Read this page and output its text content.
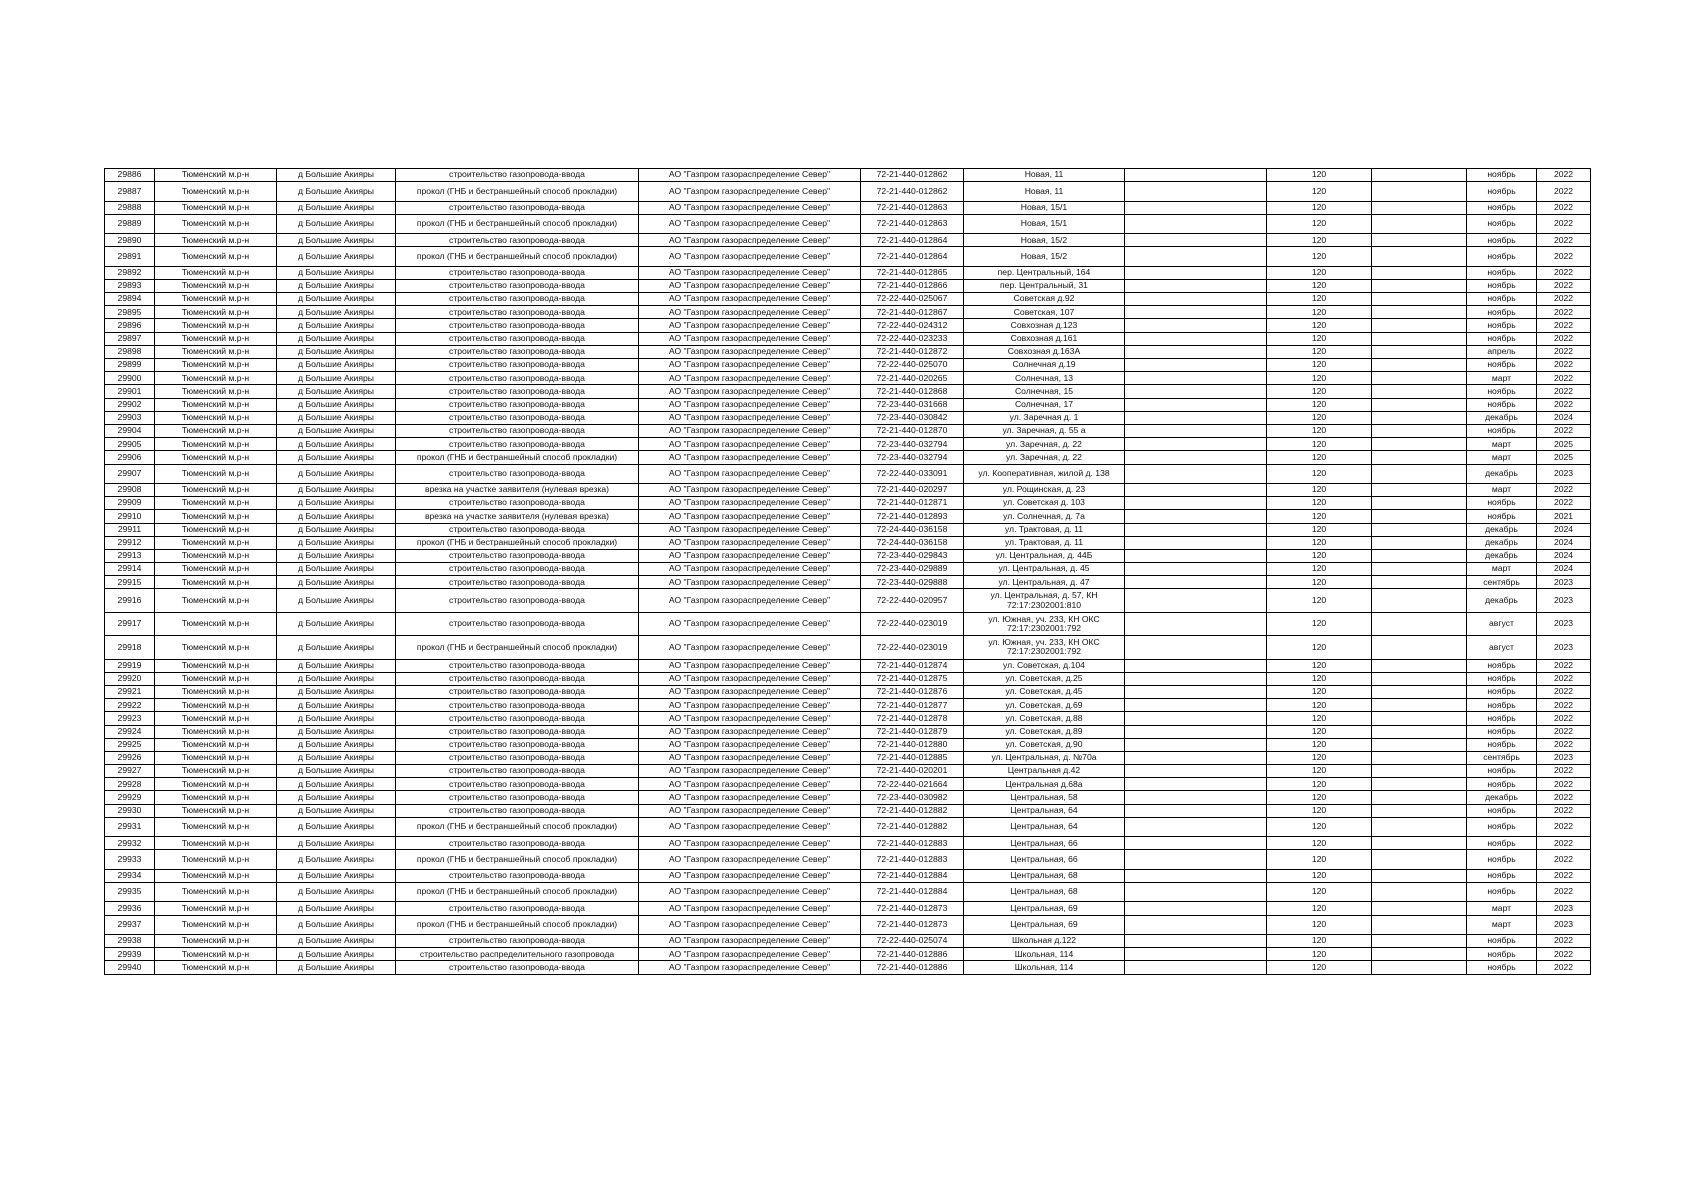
29886	Тюменский м.р-н	д Большие Акияры	строительство газопровода-ввода	АО "Газпром газораспределение Север"	72-21-440-012862	Новая, 11		120		ноябрь	2022
29887	Тюменский м.р-н	д Большие Акияры	прокол (ГНБ и бестраншейный способ прокладки)	АО "Газпром газораспределение Север"	72-21-440-012862	Новая, 11		120		ноябрь	2022
29888	Тюменский м.р-н	д Большие Акияры	строительство газопровода-ввода	АО "Газпром газораспределение Север"	72-21-440-012863	Новая, 15/1		120		ноябрь	2022
29889	Тюменский м.р-н	д Большие Акияры	прокол (ГНБ и бестраншейный способ прокладки)	АО "Газпром газораспределение Север"	72-21-440-012863	Новая, 15/1		120		ноябрь	2022
29890	Тюменский м.р-н	д Большие Акияры	строительство газопровода-ввода	АО "Газпром газораспределение Север"	72-21-440-012864	Новая, 15/2		120		ноябрь	2022
29891	Тюменский м.р-н	д Большие Акияры	прокол (ГНБ и бестраншейный способ прокладки)	АО "Газпром газораспределение Север"	72-21-440-012864	Новая, 15/2		120		ноябрь	2022
29892	Тюменский м.р-н	д Большие Акияры	строительство газопровода-ввода	АО "Газпром газораспределение Север"	72-21-440-012865	пер. Центральный, 164		120		ноябрь	2022
29893	Тюменский м.р-н	д Большие Акияры	строительство газопровода-ввода	АО "Газпром газораспределение Север"	72-21-440-012866	пер. Центральный, 31		120		ноябрь	2022
29894	Тюменский м.р-н	д Большие Акияры	строительство газопровода-ввода	АО "Газпром газораспределение Север"	72-22-440-025067	Советская д.92		120		ноябрь	2022
29895	Тюменский м.р-н	д Большие Акияры	строительство газопровода-ввода	АО "Газпром газораспределение Север"	72-21-440-012867	Советская, 107		120		ноябрь	2022
29896	Тюменский м.р-н	д Большие Акияры	строительство газопровода-ввода	АО "Газпром газораспределение Север"	72-22-440-024312	Совхозная д.123		120		ноябрь	2022
29897	Тюменский м.р-н	д Большие Акияры	строительство газопровода-ввода	АО "Газпром газораспределение Север"	72-22-440-023233	Совхозная д.161		120		ноябрь	2022
29898	Тюменский м.р-н	д Большие Акияры	строительство газопровода-ввода	АО "Газпром газораспределение Север"	72-21-440-012872	Совхозная д.163А		120		апрель	2022
29899	Тюменский м.р-н	д Большие Акияры	строительство газопровода-ввода	АО "Газпром газораспределение Север"	72-22-440-025070	Солнечная д.19		120		ноябрь	2022
29900	Тюменский м.р-н	д Большие Акияры	строительство газопровода-ввода	АО "Газпром газораспределение Север"	72-21-440-020265	Солнечная, 13		120		март	2022
29901	Тюменский м.р-н	д Большие Акияры	строительство газопровода-ввода	АО "Газпром газораспределение Север"	72-21-440-012868	Солнечная, 15		120		ноябрь	2022
29902	Тюменский м.р-н	д Большие Акияры	строительство газопровода-ввода	АО "Газпром газораспределение Север"	72-23-440-031668	Солнечная, 17		120		ноябрь	2022
29903	Тюменский м.р-н	д Большие Акияры	строительство газопровода-ввода	АО "Газпром газораспределение Север"	72-23-440-030842	ул. Заречная д. 1		120		декабрь	2024
29904	Тюменский м.р-н	д Большие Акияры	строительство газопровода-ввода	АО "Газпром газораспределение Север"	72-21-440-012870	ул. Заречная, д. 55 а		120		ноябрь	2022
29905	Тюменский м.р-н	д Большие Акияры	строительство газопровода-ввода	АО "Газпром газораспределение Север"	72-23-440-032794	ул. Заречная, д. 22		120		март	2025
29906	Тюменский м.р-н	д Большие Акияры	прокол (ГНБ и бестраншейный способ прокладки)	АО "Газпром газораспределение Север"	72-23-440-032794	ул. Заречная, д. 22		120		март	2025
29907	Тюменский м.р-н	д Большие Акияры	строительство газопровода-ввода	АО "Газпром газораспределение Север"	72-22-440-033091	ул. Кооперативная, жилой д. 138		120		декабрь	2023
29908	Тюменский м.р-н	д Большие Акияры	врезка на участке заявителя (нулевая врезка)	АО "Газпром газораспределение Север"	72-21-440-020297	ул. Рощинская, д. 23		120		март	2022
29909	Тюменский м.р-н	д Большие Акияры	строительство газопровода-ввода	АО "Газпром газораспределение Север"	72-21-440-012871	ул. Советская д. 103		120		ноябрь	2022
29910	Тюменский м.р-н	д Большие Акияры	врезка на участке заявителя (нулевая врезка)	АО "Газпром газораспределение Север"	72-21-440-012893	ул. Солнечная, д. 7а		120		ноябрь	2021
29911	Тюменский м.р-н	д Большие Акияры	строительство газопровода-ввода	АО "Газпром газораспределение Север"	72-24-440-036158	ул. Трактовая, д. 11		120		декабрь	2024
29912	Тюменский м.р-н	д Большие Акияры	прокол (ГНБ и бестраншейный способ прокладки)	АО "Газпром газораспределение Север"	72-24-440-036158	ул. Трактовая, д. 11		120		декабрь	2024
29913	Тюменский м.р-н	д Большие Акияры	строительство газопровода-ввода	АО "Газпром газораспределение Север"	72-23-440-029843	ул. Центральная, д. 44Б		120		декабрь	2024
29914	Тюменский м.р-н	д Большие Акияры	строительство газопровода-ввода	АО "Газпром газораспределение Север"	72-23-440-029889	ул. Центральная, д. 45		120		март	2024
29915	Тюменский м.р-н	д Большие Акияры	строительство газопровода-ввода	АО "Газпром газораспределение Север"	72-23-440-029888	ул. Центральная, д. 47		120		сентябрь	2023
29916	Тюменский м.р-н	д Большие Акияры	строительство газопровода-ввода	АО "Газпром газораспределение Север"	72-22-440-020957	ул. Центральная, д. 57, КН 72:17:2302001:810		120		декабрь	2023
29917	Тюменский м.р-н	д Большие Акияры	строительство газопровода-ввода	АО "Газпром газораспределение Север"	72-22-440-023019	ул. Южная, уч. 233, КН ОКС 72:17:2302001:792		120		август	2023
29918	Тюменский м.р-н	д Большие Акияры	прокол (ГНБ и бестраншейный способ прокладки)	АО "Газпром газораспределение Север"	72-22-440-023019	ул. Южная, уч. 233, КН ОКС 72:17:2302001:792		120		август	2023
29919	Тюменский м.р-н	д Большие Акияры	строительство газопровода-ввода	АО "Газпром газораспределение Север"	72-21-440-012874	ул. Советская, д.104		120		ноябрь	2022
29920	Тюменский м.р-н	д Большие Акияры	строительство газопровода-ввода	АО "Газпром газораспределение Север"	72-21-440-012875	ул. Советская, д.25		120		ноябрь	2022
29921	Тюменский м.р-н	д Большие Акияры	строительство газопровода-ввода	АО "Газпром газораспределение Север"	72-21-440-012876	ул. Советская, д.45		120		ноябрь	2022
29922	Тюменский м.р-н	д Большие Акияры	строительство газопровода-ввода	АО "Газпром газораспределение Север"	72-21-440-012877	ул. Советская, д.69		120		ноябрь	2022
29923	Тюменский м.р-н	д Большие Акияры	строительство газопровода-ввода	АО "Газпром газораспределение Север"	72-21-440-012878	ул. Советская, д.88		120		ноябрь	2022
29924	Тюменский м.р-н	д Большие Акияры	строительство газопровода-ввода	АО "Газпром газораспределение Север"	72-21-440-012879	ул. Советская, д.89		120		ноябрь	2022
29925	Тюменский м.р-н	д Большие Акияры	строительство газопровода-ввода	АО "Газпром газораспределение Север"	72-21-440-012880	ул. Советская, д.90		120		ноябрь	2022
29926	Тюменский м.р-н	д Большие Акияры	строительство газопровода-ввода	АО "Газпром газораспределение Север"	72-21-440-012885	ул. Центральная, д. №70а		120		сентябрь	2023
29927	Тюменский м.р-н	д Большие Акияры	строительство газопровода-ввода	АО "Газпром газораспределение Север"	72-21-440-020201	Центральная д.42		120		ноябрь	2022
29928	Тюменский м.р-н	д Большие Акияры	строительство газопровода-ввода	АО "Газпром газораспределение Север"	72-22-440-021664	Центральная д.68а		120		ноябрь	2022
29929	Тюменский м.р-н	д Большие Акияры	строительство газопровода-ввода	АО "Газпром газораспределение Север"	72-23-440-030982	Центральная, 58		120		декабрь	2022
29930	Тюменский м.р-н	д Большие Акияры	строительство газопровода-ввода	АО "Газпром газораспределение Север"	72-21-440-012882	Центральная, 64		120		ноябрь	2022
29931	Тюменский м.р-н	д Большие Акияры	прокол (ГНБ и бестраншейный способ прокладки)	АО "Газпром газораспределение Север"	72-21-440-012882	Центральная, 64		120		ноябрь	2022
29932	Тюменский м.р-н	д Большие Акияры	строительство газопровода-ввода	АО "Газпром газораспределение Север"	72-21-440-012883	Центральная, 66		120		ноябрь	2022
29933	Тюменский м.р-н	д Большие Акияры	прокол (ГНБ и бестраншейный способ прокладки)	АО "Газпром газораспределение Север"	72-21-440-012883	Центральная, 66		120		ноябрь	2022
29934	Тюменский м.р-н	д Большие Акияры	строительство газопровода-ввода	АО "Газпром газораспределение Север"	72-21-440-012884	Центральная, 68		120		ноябрь	2022
29935	Тюменский м.р-н	д Большие Акияры	прокол (ГНБ и бестраншейный способ прокладки)	АО "Газпром газораспределение Север"	72-21-440-012884	Центральная, 68		120		ноябрь	2022
29936	Тюменский м.р-н	д Большие Акияры	строительство газопровода-ввода	АО "Газпром газораспределение Север"	72-21-440-012873	Центральная, 69		120		март	2023
29937	Тюменский м.р-н	д Большие Акияры	прокол (ГНБ и бестраншейный способ прокладки)	АО "Газпром газораспределение Север"	72-21-440-012873	Центральная, 69		120		март	2023
29938	Тюменский м.р-н	д Большие Акияры	строительство газопровода-ввода	АО "Газпром газораспределение Север"	72-22-440-025074	Школьная д.122		120		ноябрь	2022
29939	Тюменский м.р-н	д Большие Акияры	строительство распределительного газопровода	АО "Газпром газораспределение Север"	72-21-440-012886	Школьная, 114		120		ноябрь	2022
29940	Тюменский м.р-н	д Большие Акияры	строительство газопровода-ввода	АО "Газпром газораспределение Север"	72-21-440-012886	Школьная, 114		120		ноябрь	2022
